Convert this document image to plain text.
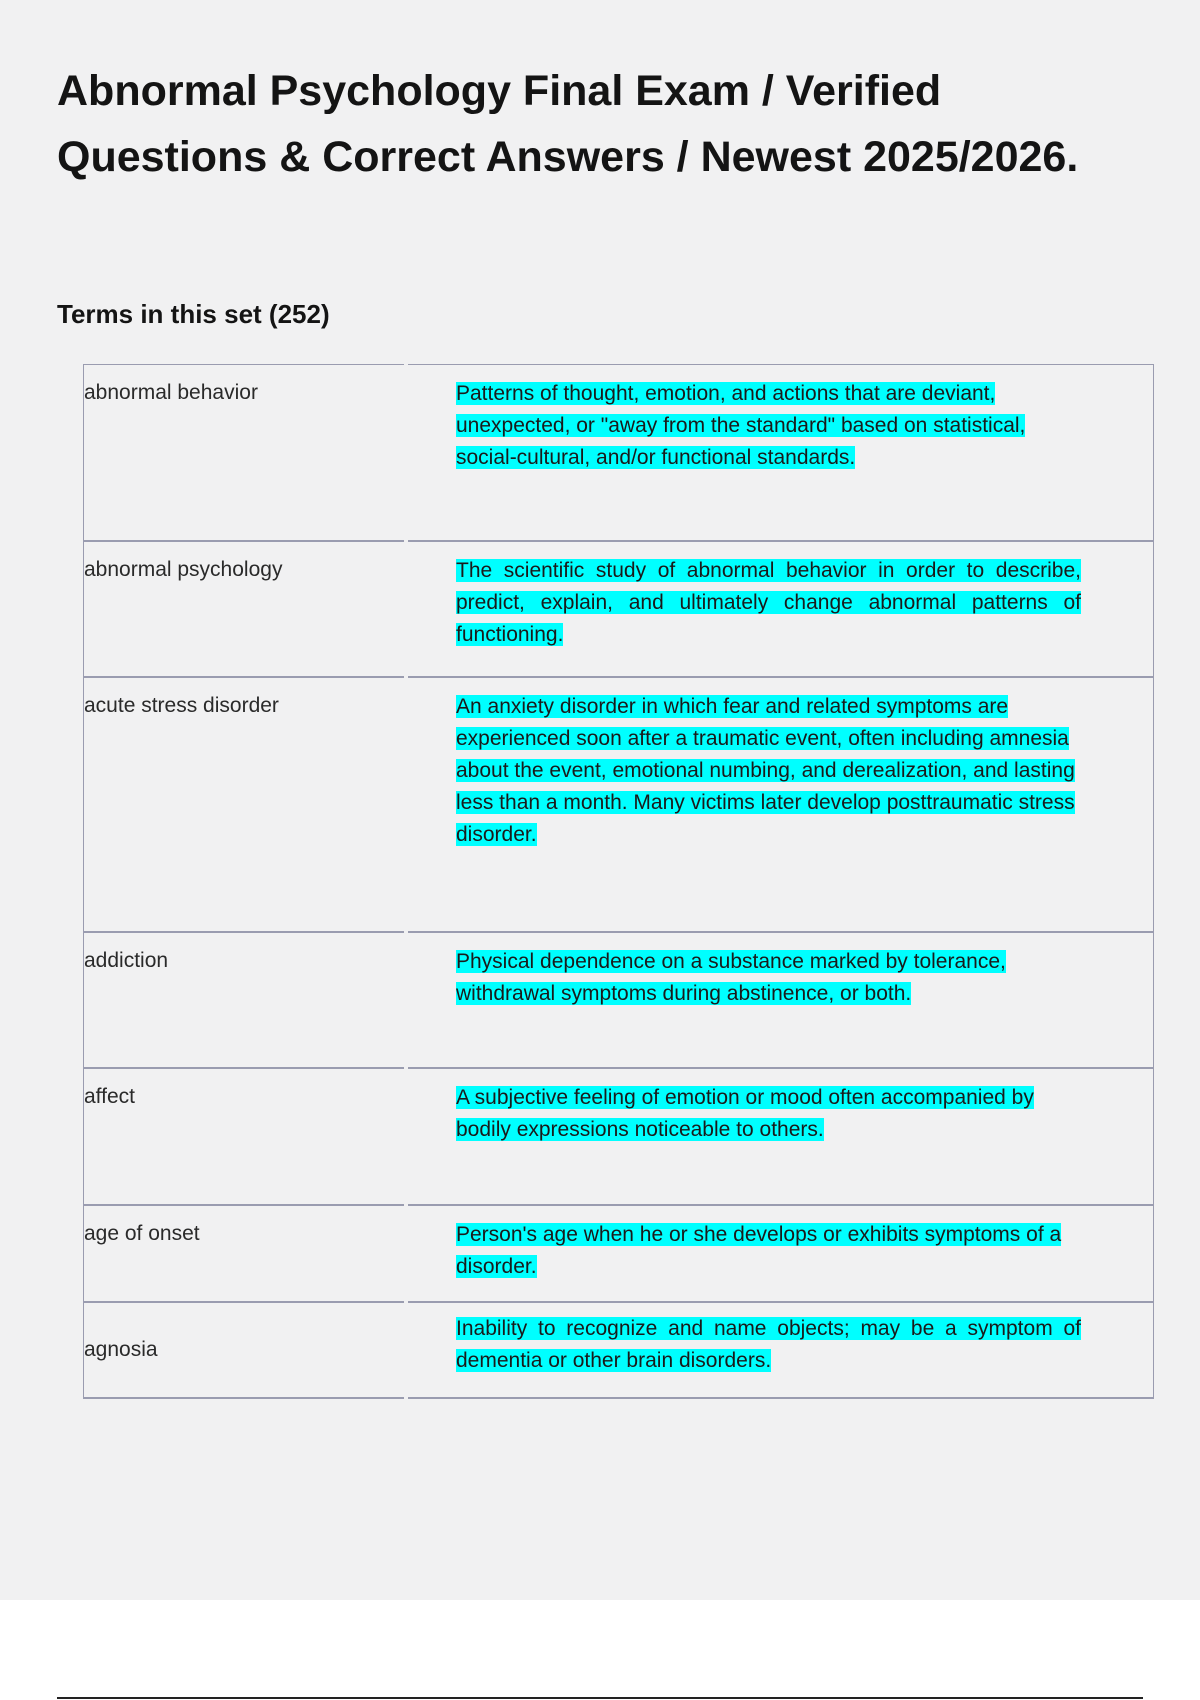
Abnormal Psychology Final Exam / Verified Questions & Correct Answers / Newest 2025/2026.
Terms in this set (252)
abnormal behavior	Patterns of thought, emotion, and actions that are deviant, unexpected, or "away from the standard" based on statistical, social-cultural, and/or functional standards.

abnormal psychology	The scientific study of abnormal behavior in order to describe, predict, explain, and ultimately change abnormal patterns of functioning.

acute stress disorder	An anxiety disorder in which fear and related symptoms are experienced soon after a traumatic event, often including amnesia about the event, emotional numbing, and derealization, and lasting less than a month. Many victims later develop posttraumatic stress disorder.

addiction	Physical dependence on a substance marked by tolerance, withdrawal symptoms during abstinence, or both.

affect	A subjective feeling of emotion or mood often accompanied by bodily expressions noticeable to others.

age of onset	Person's age when he or she develops or exhibits symptoms of a disorder.

agnosia	Inability to recognize and name objects; may be a symptom of dementia or other brain disorders.
